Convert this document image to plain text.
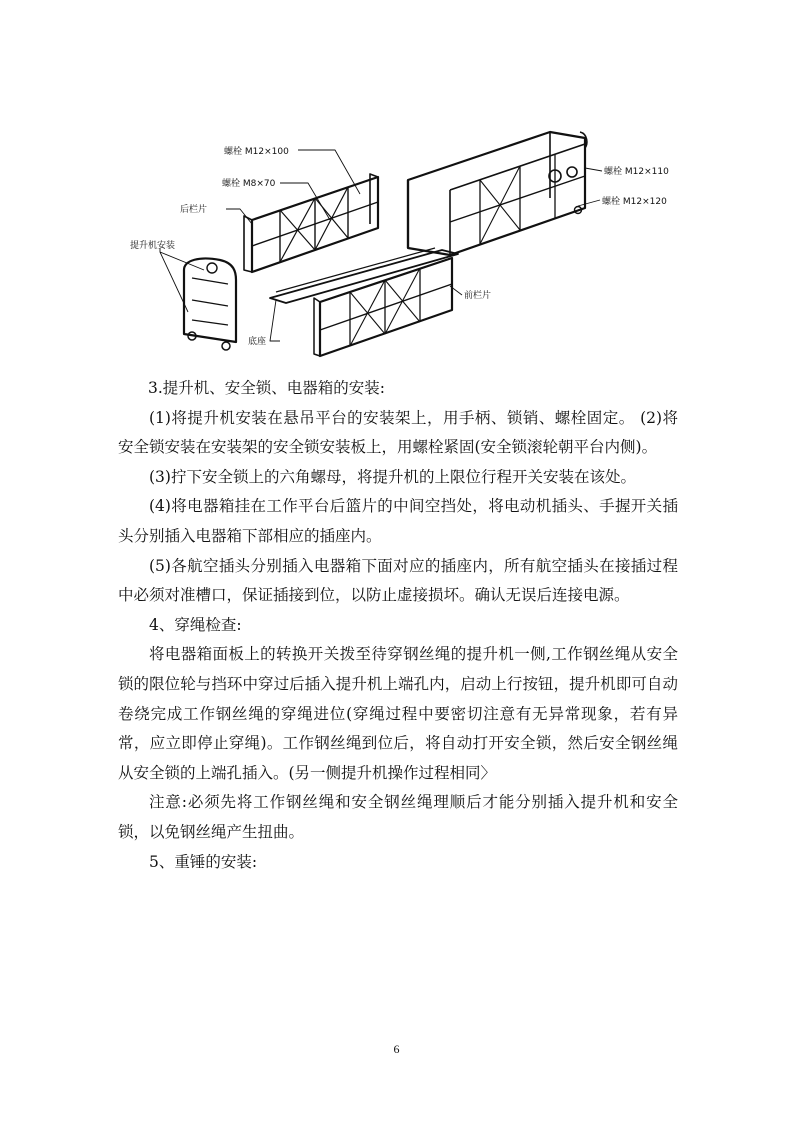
螺栓 M12×100
螺栓 M8×70
后栏片
提升机安装
螺栓 M12×110
螺栓 M12×120
前栏片
底座

3.提升机、安全锁、电器箱的安装:

(1)将提升机安装在悬吊平台的安装架上，用手柄、锁销、螺栓固定。 (2)将安全锁安装在安装架的安全锁安装板上，用螺栓紧固(安全锁滚轮朝平台内侧)。

(3)拧下安全锁上的六角螺母，将提升机的上限位行程开关安装在该处。

(4)将电器箱挂在工作平台后篮片的中间空挡处，将电动机插头、手握开关插头分别插入电器箱下部相应的插座内。

(5)各航空插头分别插入电器箱下面对应的插座内，所有航空插头在接插过程中必须对准槽口，保证插接到位，以防止虚接损坏。确认无误后连接电源。

4、穿绳检查:

将电器箱面板上的转换开关拨至待穿钢丝绳的提升机一侧,工作钢丝绳从安全锁的限位轮与挡环中穿过后插入提升机上端孔内，启动上行按钮，提升机即可自动卷绕完成工作钢丝绳的穿绳进位(穿绳过程中要密切注意有无异常现象，若有异常，应立即停止穿绳)。工作钢丝绳到位后，将自动打开安全锁，然后安全钢丝绳从安全锁的上端孔插入。(另一侧提升机操作过程相同〉

注意:必须先将工作钢丝绳和安全钢丝绳理顺后才能分别插入提升机和安全锁，以免钢丝绳产生扭曲。

5、重锤的安装:

6
